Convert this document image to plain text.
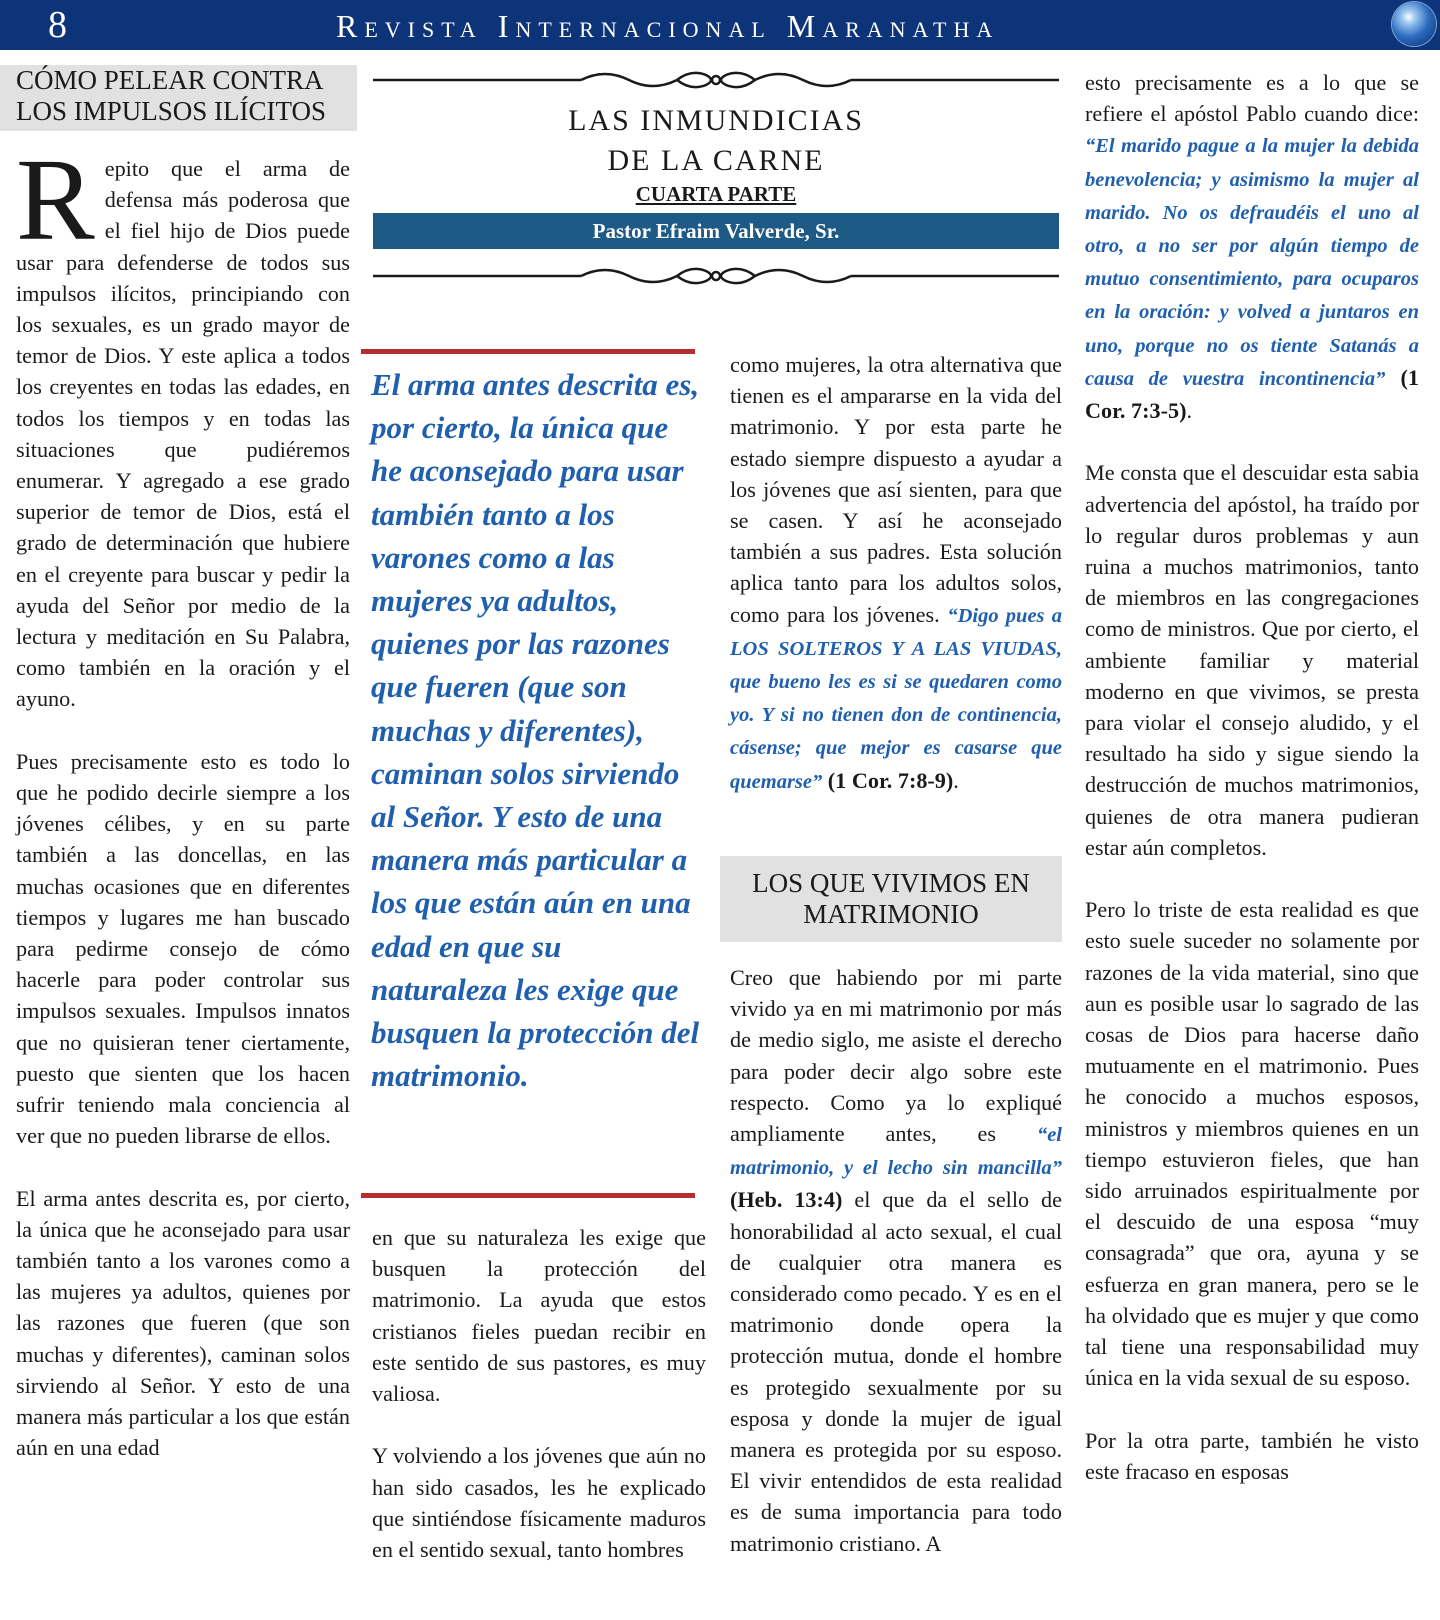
8	Revista Internacional Maranatha
CÓMO PELEAR CONTRA
LOS IMPULSOS ILÍCITOS

Repito que el arma de defensa más poderosa que el fiel hijo de Dios puede usar para defenderse de todos sus impulsos ilícitos, principiando con los sexuales, es un grado mayor de temor de Dios. Y este aplica a todos los creyentes en todas las edades, en todos los tiempos y en todas las situaciones que pudiéremos enumerar. Y agregado a ese grado superior de temor de Dios, está el grado de determinación que hubiere en el creyente para buscar y pedir la ayuda del Señor por medio de la lectura y meditación en Su Palabra, como también en la oración y el ayuno.

Pues precisamente esto es todo lo que he podido decirle siempre a los jóvenes célibes, y en su parte también a las doncellas, en las muchas ocasiones que en diferentes tiempos y lugares me han buscado para pedirme consejo de cómo hacerle para poder controlar sus impulsos sexuales. Impulsos innatos que no quisieran tener ciertamente, puesto que sienten que los hacen sufrir teniendo mala conciencia al ver que no pueden librarse de ellos.

El arma antes descrita es, por cierto, la única que he aconsejado para usar también tanto a los varones como a las mujeres ya adultos, quienes por las razones que fueren (que son muchas y diferentes), caminan solos sirviendo al Señor. Y esto de una manera más particular a los que están aún en una edad

LAS INMUNDICIAS
DE LA CARNE
CUARTA PARTE
Pastor Efraim Valverde, Sr.
El arma antes descrita es, por cierto, la única que he aconsejado para usar también tanto a los varones como a las mujeres ya adultos, quienes por las razones que fueren (que son muchas y diferentes), caminan solos sirviendo al Señor. Y esto de una manera más particular a los que están aún en una edad en que su naturaleza les exige que busquen la protección del matrimonio.

en que su naturaleza les exige que busquen la protección del matrimonio. La ayuda que estos cristianos fieles puedan recibir en este sentido de sus pastores, es muy valiosa.

Y volviendo a los jóvenes que aún no han sido casados, les he explicado que sintiéndose físicamente maduros en el sentido sexual, tanto hombres

como mujeres, la otra alternativa que tienen es el ampararse en la vida del matrimonio. Y por esta parte he estado siempre dispuesto a ayudar a los jóvenes que así sienten, para que se casen. Y así he aconsejado también a sus padres. Esta solución aplica tanto para los adultos solos, como para los jóvenes. “Digo pues a LOS SOLTEROS Y A LAS VIUDAS, que bueno les es si se quedaren como yo. Y si no tienen don de continencia, cásense; que mejor es casarse que quemarse” (1 Cor. 7:8-9).

LOS QUE VIVIMOS EN
MATRIMONIO

Creo que habiendo por mi parte vivido ya en mi matrimonio por más de medio siglo, me asiste el derecho para poder decir algo sobre este respecto. Como ya lo expliqué ampliamente antes, es “el matrimonio, y el lecho sin mancilla” (Heb. 13:4) el que da el sello de honorabilidad al acto sexual, el cual de cualquier otra manera es considerado como pecado. Y es en el matrimonio donde opera la protección mutua, donde el hombre es protegido sexualmente por su esposa y donde la mujer de igual manera es protegida por su esposo. El vivir entendidos de esta realidad es de suma importancia para todo matrimonio cristiano. A

esto precisamente es a lo que se refiere el apóstol Pablo cuando dice: “El marido pague a la mujer la debida benevolencia; y asimismo la mujer al marido. No os defraudéis el uno al otro, a no ser por algún tiempo de mutuo consentimiento, para ocuparos en la oración: y volved a juntaros en uno, porque no os tiente Satanás a causa de vuestra incontinencia” (1 Cor. 7:3-5).

Me consta que el descuidar esta sabia advertencia del apóstol, ha traído por lo regular duros problemas y aun ruina a muchos matrimonios, tanto de miembros en las congregaciones como de ministros. Que por cierto, el ambiente familiar y material moderno en que vivimos, se presta para violar el consejo aludido, y el resultado ha sido y sigue siendo la destrucción de muchos matrimonios, quienes de otra manera pudieran estar aún completos.

Pero lo triste de esta realidad es que esto suele suceder no solamente por razones de la vida material, sino que aun es posible usar lo sagrado de las cosas de Dios para hacerse daño mutuamente en el matrimonio. Pues he conocido a muchos esposos, ministros y miembros quienes en un tiempo estuvieron fieles, que han sido arruinados espiritualmente por el descuido de una esposa “muy consagrada” que ora, ayuna y se esfuerza en gran manera, pero se le ha olvidado que es mujer y que como tal tiene una responsabilidad muy única en la vida sexual de su esposo.

Por la otra parte, también he visto este fracaso en esposas
